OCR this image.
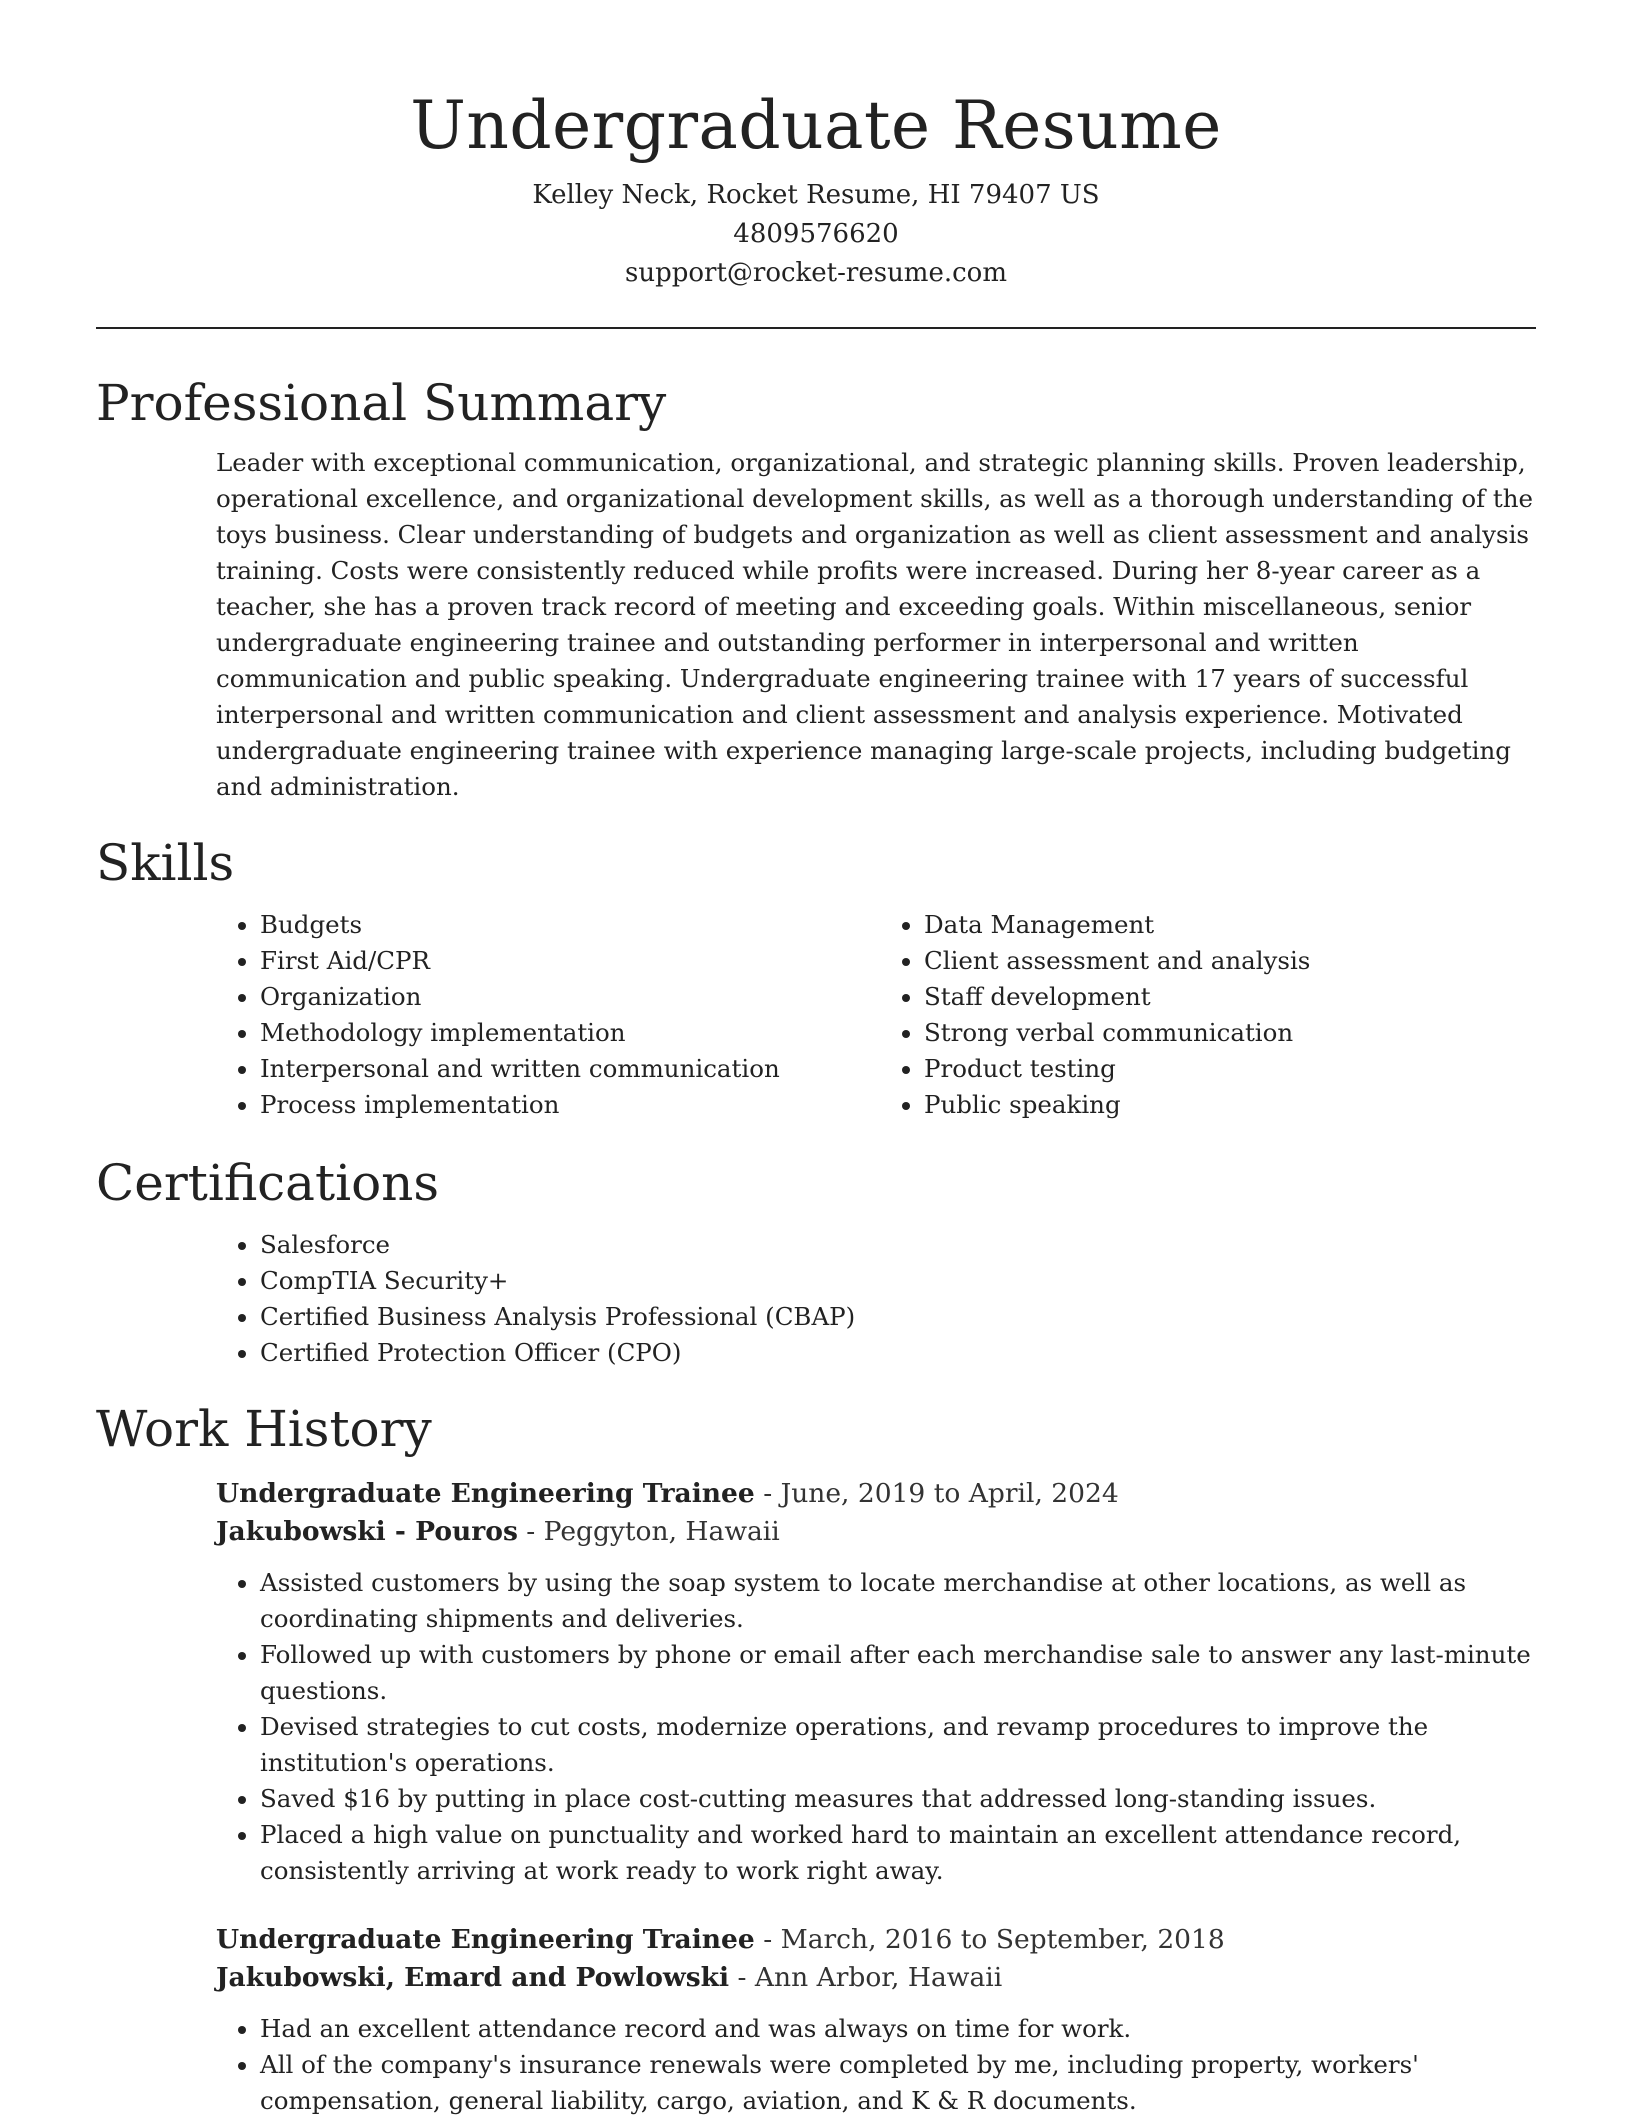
Undergraduate Resume

Kelley Neck, Rocket Resume, HI 79407 US

4809576620

support@rocket-resume.com

Professional Summary

Leader with exceptional communication, organizational, and strategic planning skills. Proven leadership, operational excellence, and organizational development skills, as well as a thorough understanding of the toys business. Clear understanding of budgets and organization as well as client assessment and analysis training. Costs were consistently reduced while profits were increased. During her 8-year career as a teacher, she has a proven track record of meeting and exceeding goals. Within miscellaneous, senior undergraduate engineering trainee and outstanding performer in interpersonal and written communication and public speaking. Undergraduate engineering trainee with 17 years of successful interpersonal and written communication and client assessment and analysis experience. Motivated undergraduate engineering trainee with experience managing large-scale projects, including budgeting and administration.

Skills
• Budgets
• First Aid/CPR
• Organization
• Methodology implementation
• Interpersonal and written communication
• Process implementation
• Data Management
• Client assessment and analysis
• Staff development
• Strong verbal communication
• Product testing
• Public speaking
Certifications
• Salesforce
• CompTIA Security+
• Certified Business Analysis Professional (CBAP)
• Certified Protection Officer (CPO)
Work History

Undergraduate Engineering Trainee - June, 2019 to April, 2024

Jakubowski - Pouros - Peggyton, Hawaii

• Assisted customers by using the soap system to locate merchandise at other locations, as well as coordinating shipments and deliveries.
• Followed up with customers by phone or email after each merchandise sale to answer any last-minute questions.
• Devised strategies to cut costs, modernize operations, and revamp procedures to improve the institution's operations.
• Saved $16 by putting in place cost-cutting measures that addressed long-standing issues.
• Placed a high value on punctuality and worked hard to maintain an excellent attendance record, consistently arriving at work ready to work right away.

Undergraduate Engineering Trainee - March, 2016 to September, 2018

Jakubowski, Emard and Powlowski - Ann Arbor, Hawaii

• Had an excellent attendance record and was always on time for work.
• All of the company's insurance renewals were completed by me, including property, workers' compensation, general liability, cargo, aviation, and K & R documents.
